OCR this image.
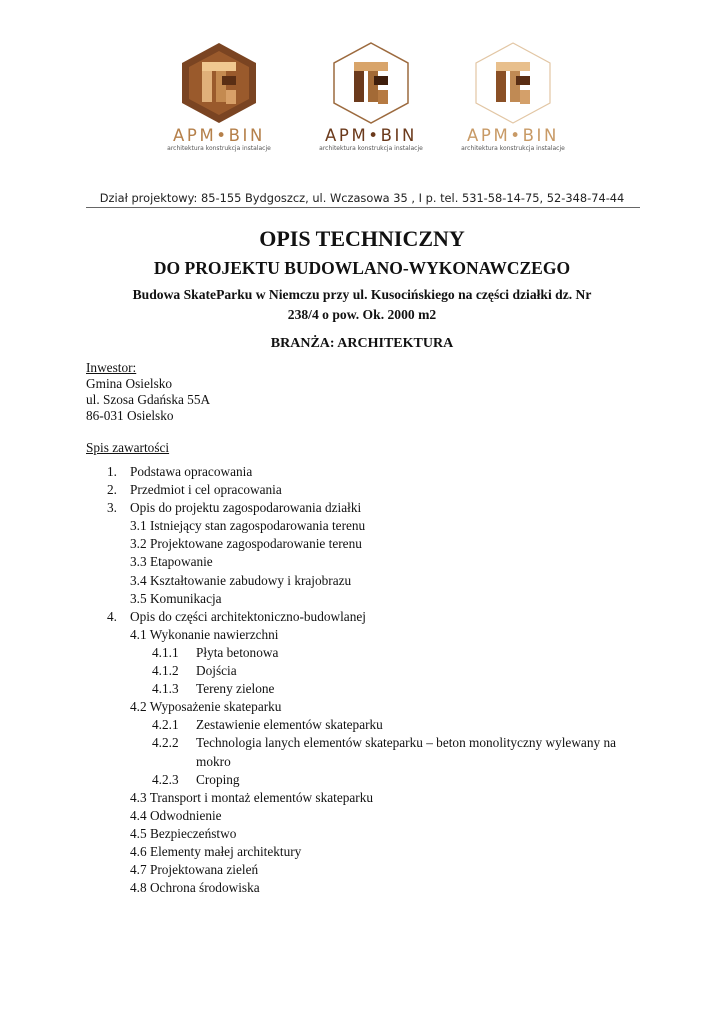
APM•BIN
architektura konstrukcja instalacje
APM•BIN
architektura konstrukcja instalacje
APM•BIN
architektura konstrukcja instalacje
Dział projektowy: 85-155 Bydgoszcz, ul. Wczasowa 35 , I p. tel. 531-58-14-75, 52-348-74-44
OPIS TECHNICZNY
DO PROJEKTU BUDOWLANO-WYKONAWCZEGO
Budowa SkateParku w Niemczu przy ul. Kusocińskiego na części działki dz. Nr
238/4 o pow. Ok. 2000 m2
BRANŻA: ARCHITEKTURA
Inwestor:
Gmina Osielsko
ul. Szosa Gdańska 55A
86-031 Osielsko
Spis zawartości
1. Podstawa opracowania
2. Przedmiot i cel opracowania
3. Opis do projektu zagospodarowania działki
3.1 Istniejący stan zagospodarowania terenu
3.2 Projektowane zagospodarowanie terenu
3.3 Etapowanie
3.4 Kształtowanie zabudowy i krajobrazu
3.5 Komunikacja
4. Opis do części architektoniczno-budowlanej
4.1 Wykonanie nawierzchni
4.1.1 Płyta betonowa
4.1.2 Dojścia
4.1.3 Tereny zielone
4.2 Wyposażenie skateparku
4.2.1 Zestawienie elementów skateparku
4.2.2 Technologia lanych elementów skateparku – beton monolityczny wylewany na mokro
4.2.3 Croping
4.3 Transport i montaż elementów skateparku
4.4 Odwodnienie
4.5 Bezpieczeństwo
4.6 Elementy małej architektury
4.7 Projektowana zieleń
4.8 Ochrona środowiska
